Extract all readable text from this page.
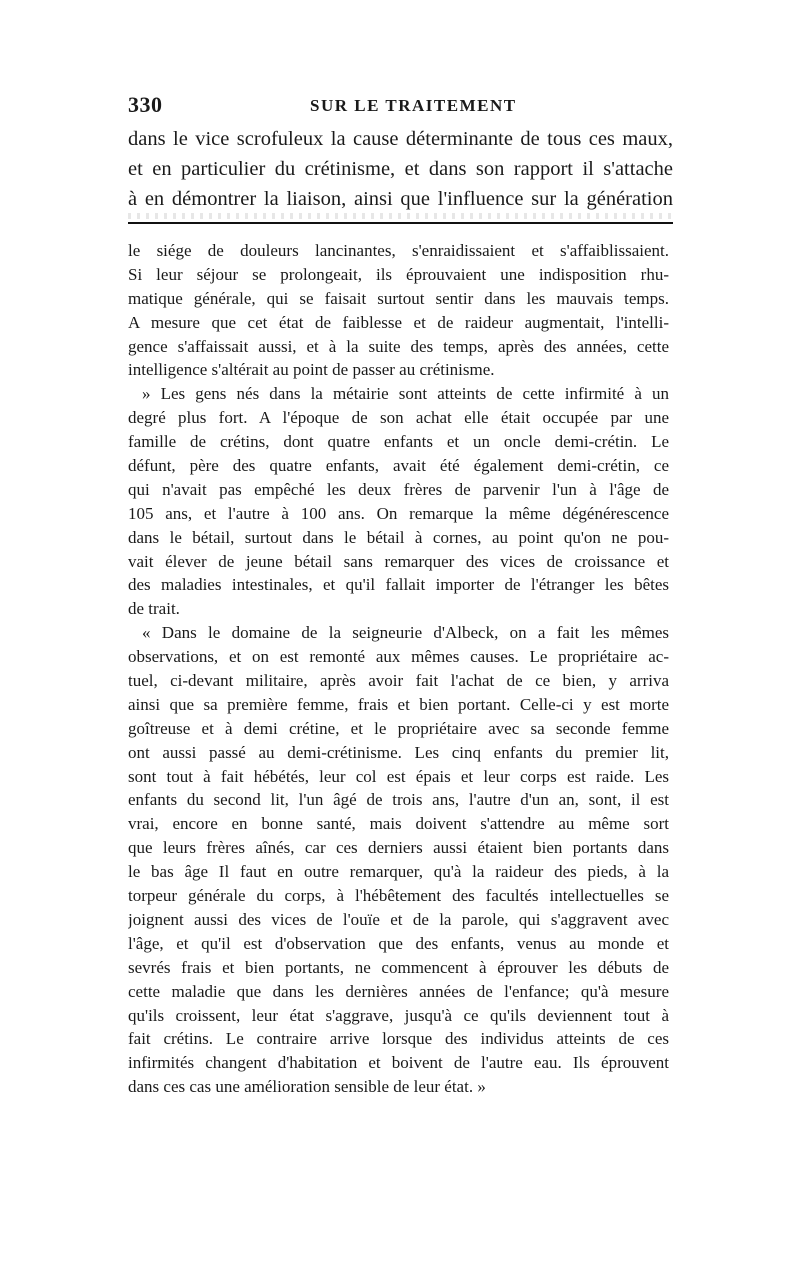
330	SUR LE TRAITEMENT
dans le vice scrofuleux la cause déterminante de tous ces maux,
et en particulier du crétinisme, et dans son rapport il s'attache
à en démontrer la liaison, ainsi que l'influence sur la génération
le siége de douleurs lancinantes, s'enraidissaient et s'affaiblissaient.
Si leur séjour se prolongeait, ils éprouvaient une indisposition rhu-
matique générale, qui se faisait surtout sentir dans les mauvais temps.
A mesure que cet état de faiblesse et de raideur augmentait, l'intelli-
gence s'affaissait aussi, et à la suite des temps, après des années, cette
intelligence s'altérait au point de passer au crétinisme.
» Les gens nés dans la métairie sont atteints de cette infirmité à un
degré plus fort. A l'époque de son achat elle était occupée par une
famille de crétins, dont quatre enfants et un oncle demi-crétin. Le
défunt, père des quatre enfants, avait été également demi-crétin, ce
qui n'avait pas empêché les deux frères de parvenir l'un à l'âge de
105 ans, et l'autre à 100 ans. On remarque la même dégénérescence
dans le bétail, surtout dans le bétail à cornes, au point qu'on ne pou-
vait élever de jeune bétail sans remarquer des vices de croissance et
des maladies intestinales, et qu'il fallait importer de l'étranger les bêtes
de trait.
« Dans le domaine de la seigneurie d'Albeck, on a fait les mêmes
observations, et on est remonté aux mêmes causes. Le propriétaire ac-
tuel, ci-devant militaire, après avoir fait l'achat de ce bien, y arriva
ainsi que sa première femme, frais et bien portant. Celle-ci y est morte
goîtreuse et à demi crétine, et le propriétaire avec sa seconde femme
ont aussi passé au demi-crétinisme. Les cinq enfants du premier lit,
sont tout à fait hébétés, leur col est épais et leur corps est raide. Les
enfants du second lit, l'un âgé de trois ans, l'autre d'un an, sont, il est
vrai, encore en bonne santé, mais doivent s'attendre au même sort
que leurs frères aînés, car ces derniers aussi étaient bien portants dans
le bas âge Il faut en outre remarquer, qu'à la raideur des pieds, à la
torpeur générale du corps, à l'hébêtement des facultés intellectuelles se
joignent aussi des vices de l'ouïe et de la parole, qui s'aggravent avec
l'âge, et qu'il est d'observation que des enfants, venus au monde et
sevrés frais et bien portants, ne commencent à éprouver les débuts de
cette maladie que dans les dernières années de l'enfance; qu'à mesure
qu'ils croissent, leur état s'aggrave, jusqu'à ce qu'ils deviennent tout à
fait crétins. Le contraire arrive lorsque des individus atteints de ces
infirmités changent d'habitation et boivent de l'autre eau. Ils éprouvent
dans ces cas une amélioration sensible de leur état. »
